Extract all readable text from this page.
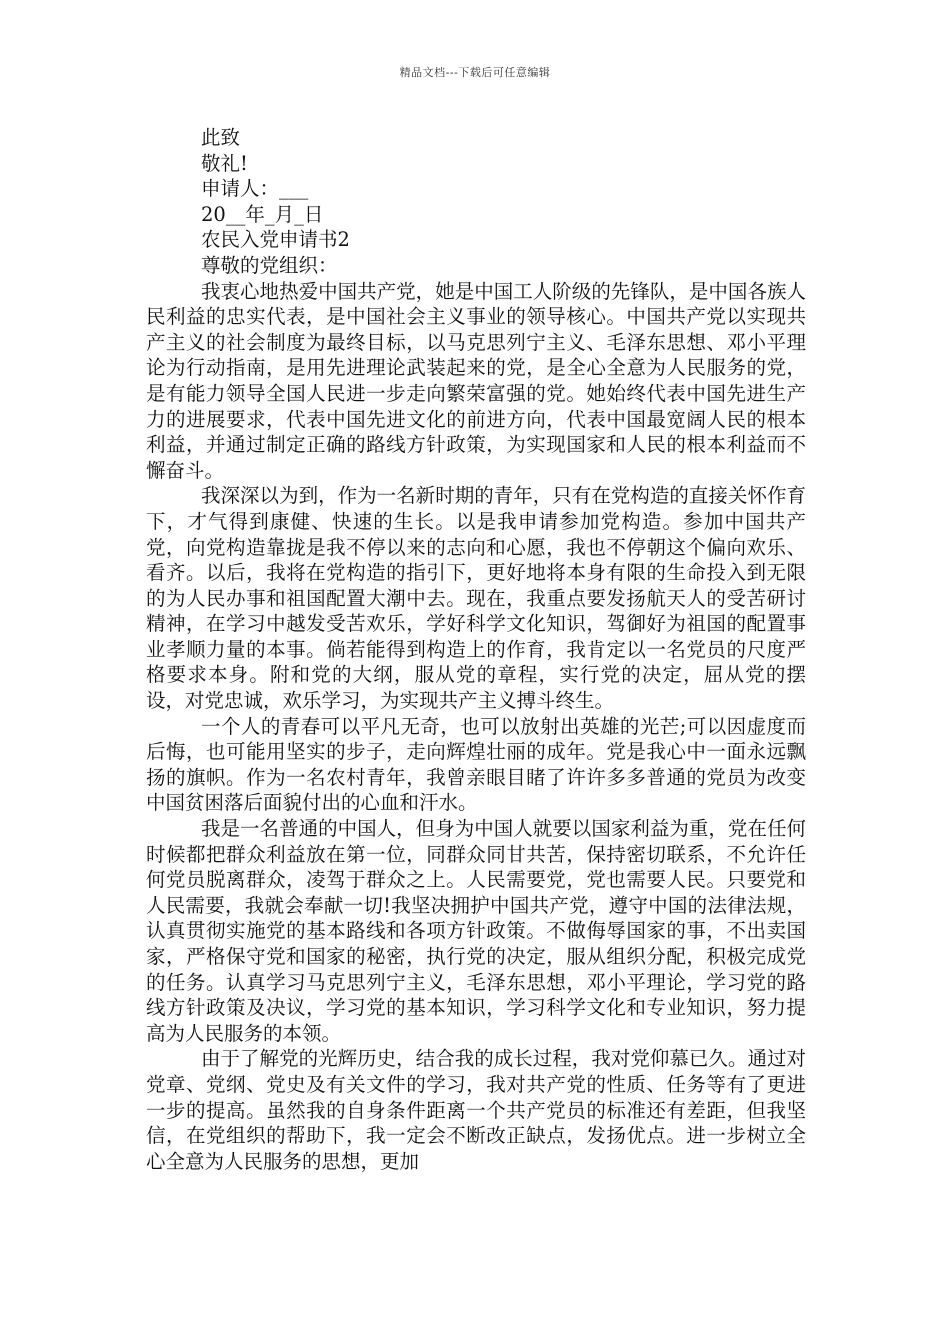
精品文档---下载后可任意编辑

此致

敬礼!

申请人：___

20__年_月_日

农民入党申请书2

尊敬的党组织：

我衷心地热爱中国共产党，她是中国工人阶级的先锋队，是中国各族人民利益的忠实代表，是中国社会主义事业的领导核心。中国共产党以实现共产主义的社会制度为最终目标，以马克思列宁主义、毛泽东思想、邓小平理论为行动指南，是用先进理论武装起来的党，是全心全意为人民服务的党，是有能力领导全国人民进一步走向繁荣富强的党。她始终代表中国先进生产力的进展要求，代表中国先进文化的前进方向，代表中国最宽阔人民的根本利益，并通过制定正确的路线方针政策，为实现国家和人民的根本利益而不懈奋斗。

我深深以为到，作为一名新时期的青年，只有在党构造的直接关怀作育下，才气得到康健、快速的生长。以是我申请参加党构造。参加中国共产党，向党构造靠拢是我不停以来的志向和心愿，我也不停朝这个偏向欢乐、看齐。以后，我将在党构造的指引下，更好地将本身有限的生命投入到无限的为人民办事和祖国配置大潮中去。现在，我重点要发扬航天人的受苦研讨精神，在学习中越发受苦欢乐，学好科学文化知识，驾御好为祖国的配置事业孝顺力量的本事。倘若能得到构造上的作育，我肯定以一名党员的尺度严格要求本身。附和党的大纲，服从党的章程，实行党的决定，屈从党的摆设，对党忠诚，欢乐学习，为实现共产主义搏斗终生。

一个人的青春可以平凡无奇，也可以放射出英雄的光芒;可以因虚度而后悔，也可能用坚实的步子，走向辉煌壮丽的成年。党是我心中一面永远飘扬的旗帜。作为一名农村青年，我曾亲眼目睹了许许多多普通的党员为改变中国贫困落后面貌付出的心血和汗水。

我是一名普通的中国人，但身为中国人就要以国家利益为重，党在任何时候都把群众利益放在第一位，同群众同甘共苦，保持密切联系，不允许任何党员脱离群众，凌驾于群众之上。人民需要党，党也需要人民。只要党和人民需要，我就会奉献一切!我坚决拥护中国共产党，遵守中国的法律法规，认真贯彻实施党的基本路线和各项方针政策。不做侮辱国家的事，不出卖国家，严格保守党和国家的秘密，执行党的决定，服从组织分配，积极完成党的任务。认真学习马克思列宁主义，毛泽东思想，邓小平理论，学习党的路线方针政策及决议，学习党的基本知识，学习科学文化和专业知识，努力提高为人民服务的本领。

由于了解党的光辉历史，结合我的成长过程，我对党仰慕已久。通过对党章、党纲、党史及有关文件的学习，我对共产党的性质、任务等有了更进一步的提高。虽然我的自身条件距离一个共产党员的标准还有差距，但我坚信，在党组织的帮助下，我一定会不断改正缺点，发扬优点。进一步树立全心全意为人民服务的思想，更加
